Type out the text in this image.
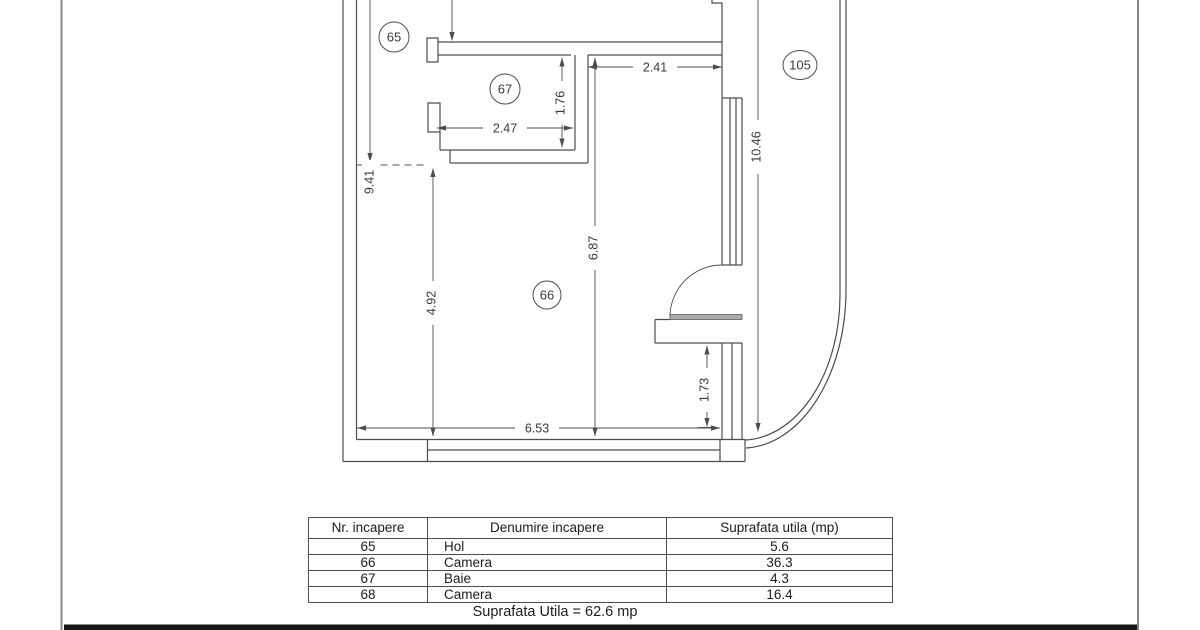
2.41
2.47
6.53
9.41
4.92
6.87
1.76
10.46
1.73
65
67
66
105
Nr. incapere	Denumire incapere	Suprafata utila (mp)
65	Hol	5.6
66	Camera	36.3
67	Baie	4.3
68	Camera	16.4
Suprafata Utila = 62.6 mp
